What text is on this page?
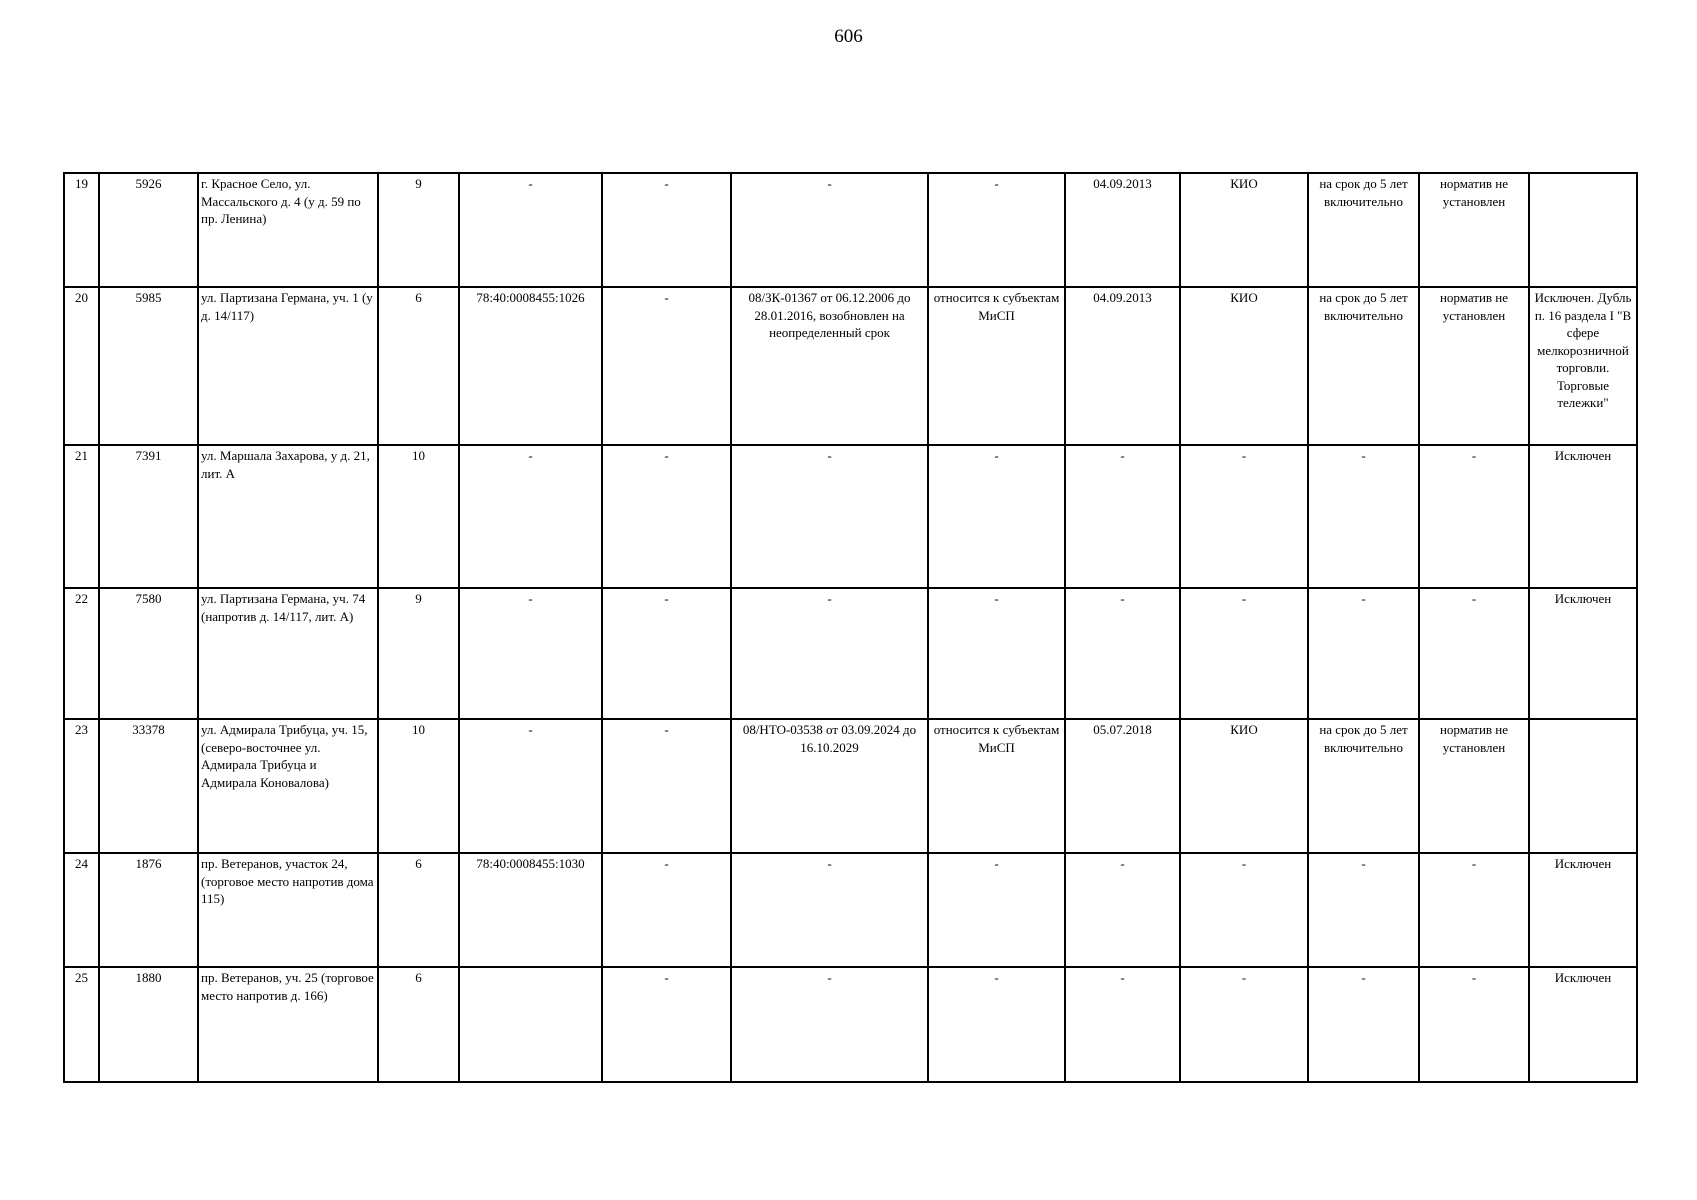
606
19	5926	г. Красное Село, ул. Массальского д. 4 (у д. 59 по пр. Ленина)	9	-	-	-	-	04.09.2013	КИО	на срок до 5 лет включительно	норматив не установлен	
20	5985	ул. Партизана Германа, уч. 1 (у д. 14/117)	6	78:40:0008455:1026	-	08/ЗК-01367 от 06.12.2006 до 28.01.2016, возобновлен на неопределенный срок	относится к субъектам МиСП	04.09.2013	КИО	на срок до 5 лет включительно	норматив не установлен	Исключен. Дубль п. 16 раздела I "В сфере мелкорозничной торговли. Торговые тележки"
21	7391	ул. Маршала Захарова, у д. 21, лит. А	10	-	-	-	-	-	-	-	-	Исключен
22	7580	ул. Партизана Германа, уч. 74 (напротив д. 14/117, лит. А)	9	-	-	-	-	-	-	-	-	Исключен
23	33378	ул. Адмирала Трибуца, уч. 15, (северо-восточнее ул. Адмирала Трибуца и Адмирала Коновалова)	10	-	-	08/НТО-03538 от 03.09.2024 до 16.10.2029	относится к субъектам МиСП	05.07.2018	КИО	на срок до 5 лет включительно	норматив не установлен	
24	1876	пр. Ветеранов, участок 24, (торговое место напротив дома 115)	6	78:40:0008455:1030	-	-	-	-	-	-	-	Исключен
25	1880	пр. Ветеранов, уч. 25 (торговое место напротив д. 166)	6		-	-	-	-	-	-	-	Исключен
